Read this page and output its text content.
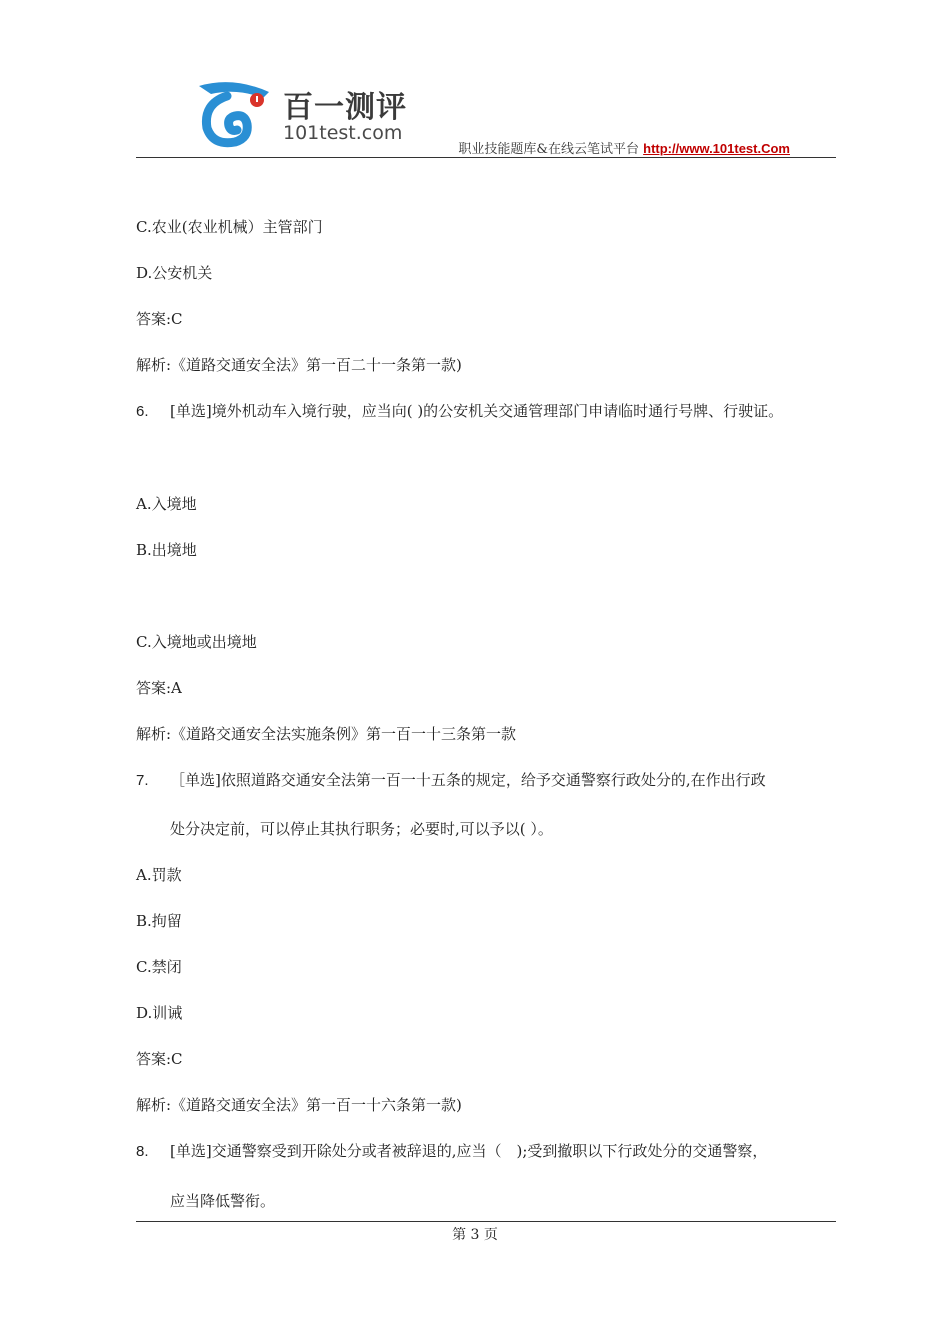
百一测评
101test.com
职业技能题库&在线云笔试平台 http://www.101test.Com
C.农业(农业机械）主管部门
D.公安机关
答案:C
解析:《道路交通安全法》第一百二十一条第一款)
6. [单选]境外机动车入境行驶，应当向( )的公安机关交通管理部门申请临时通行号牌、行驶证。
A.入境地
B.出境地
C.入境地或出境地
答案:A
解析:《道路交通安全法实施条例》第一百一十三条第一款
7. ［单选]依照道路交通安全法第一百一十五条的规定，给予交通警察行政处分的,在作出行政
处分决定前，可以停止其执行职务；必要时,可以予以( ）。
A.罚款
B.拘留
C.禁闭
D.训诫
答案:C
解析:《道路交通安全法》第一百一十六条第一款)
8. [单选]交通警察受到开除处分或者被辞退的,应当（　);受到撤职以下行政处分的交通警察，
应当降低警衔。
第 3 页
